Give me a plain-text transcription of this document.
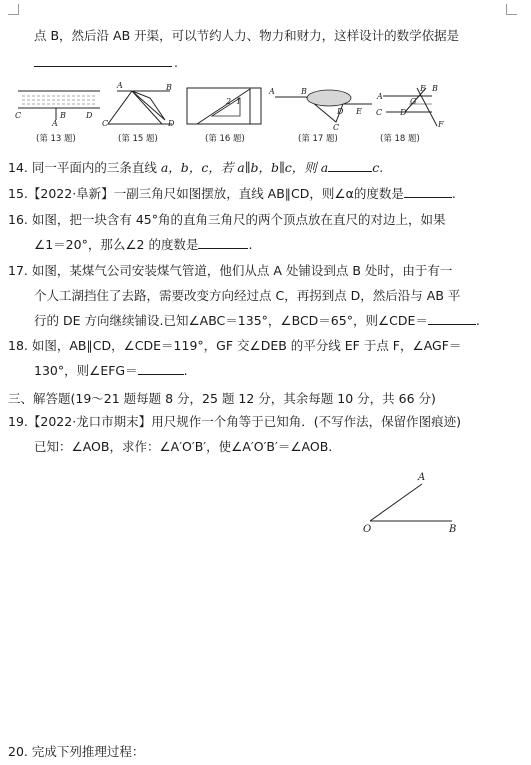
点 B，然后沿 AB 开渠，可以节约人力、物力和财力，这样设计的数学依据是
.
C
A
B	D
(第 13 题)
A	B
C	D
(第 15 题)
2 1
(第 16 题)
A	B
C
D E
(第 17 题)
A
E B
G
C D
F
(第 18 题)
14. 同一平面内的三条直线 a，b，c，若 a∥b，b∥c，则 a	c.
15.【2022·阜新】一副三角尺如图摆放，直线 AB∥CD，则∠α的度数是	.
16. 如图，把一块含有 45°角的直角三角尺的两个顶点放在直尺的对边上，如果
∠1＝20°，那么∠2 的度数是	.
17. 如图，某煤气公司安装煤气管道，他们从点 A 处铺设到点 B 处时，由于有一
个人工湖挡住了去路，需要改变方向经过点 C，再拐到点 D，然后沿与 AB 平
行的 DE 方向继续铺设.已知∠ABC＝135°，∠BCD＝65°，则∠CDE＝	.
18. 如图，AB∥CD，∠CDE＝119°，GF 交∠DEB 的平分线 EF 于点 F，∠AGF＝
130°，则∠EFG＝	.
三、解答题(19～21 题每题 8 分，25 题 12 分，其余每题 10 分，共 66 分)
19.【2022·龙口市期末】用尺规作一个角等于已知角．(不写作法，保留作图痕迹)
已知：∠AOB，求作：∠A′O′B′，使∠A′O′B′＝∠AOB.
A
O	B
20. 完成下列推理过程：
